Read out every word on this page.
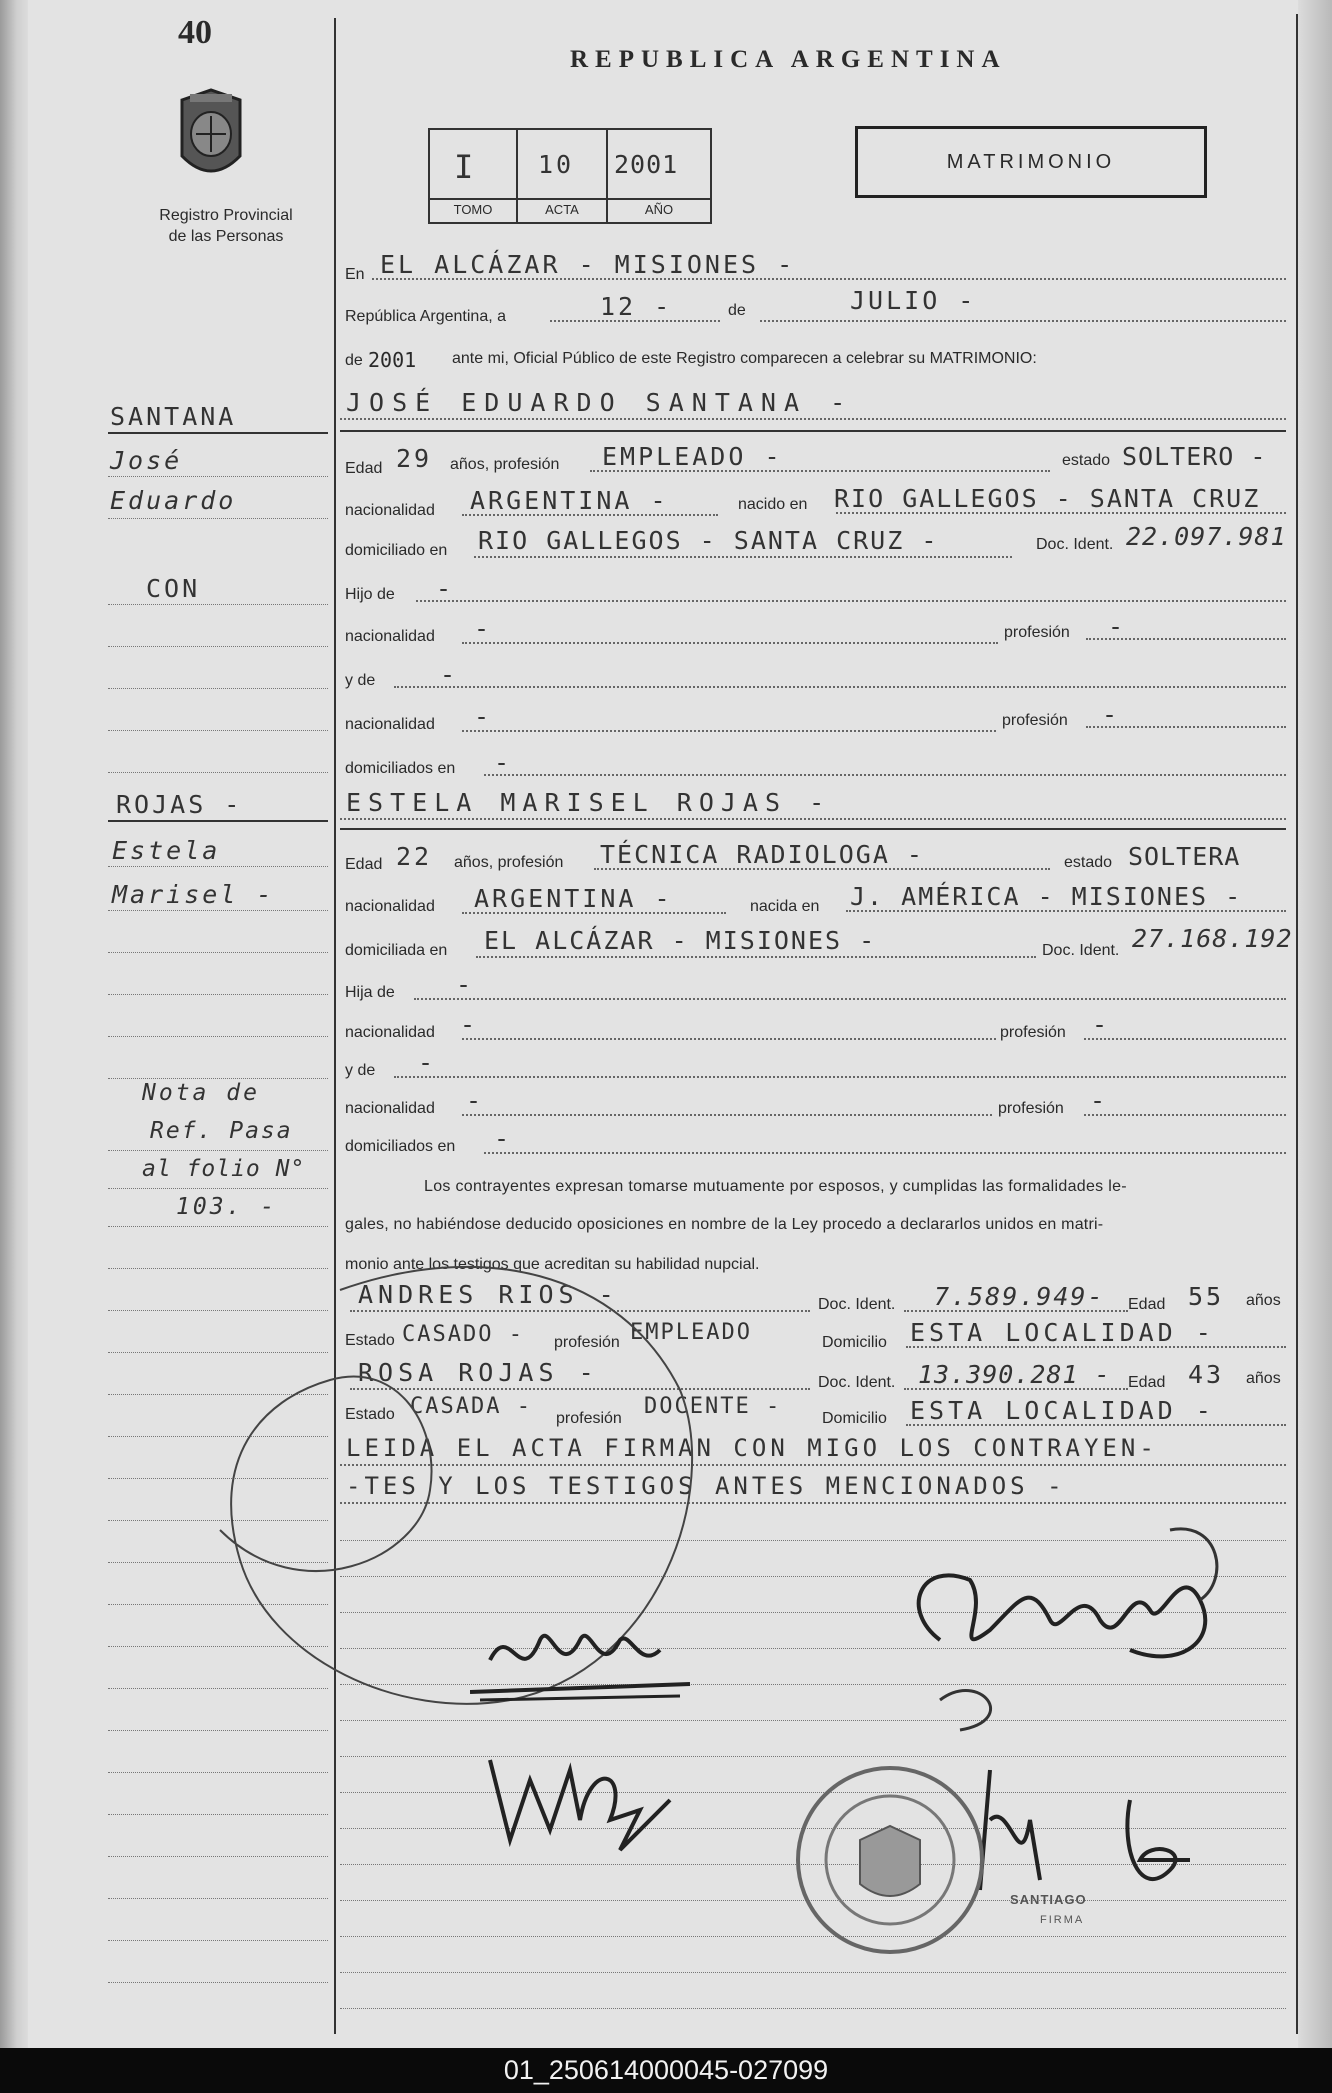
40
Registro Provincial
de las Personas
REPUBLICA ARGENTINA
I 10 2001
TOMO	ACTA	AÑO
MATRIMONIO
En EL ALCÁZAR - MISIONES -
República Argentina, a	12 -	de	JULIO -
de 2001 ante mi, Oficial Público de este Registro comparecen a celebrar su MATRIMONIO:
JOSÉ EDUARDO SANTANA -
Edad 29 años, profesión EMPLEADO -	estado SOLTERO -
nacionalidad ARGENTINA -	nacido en RIO GALLEGOS - SANTA CRUZ
domiciliado en RIO GALLEGOS - SANTA CRUZ -	Doc. Ident. 22.097.981
Hijo de -
nacionalidad -	profesión -
y de	-
nacionalidad -	profesión -
domiciliados en -
ESTELA MARISEL ROJAS -
Edad 22 años, profesión TÉCNICA RADIOLOGA -	estado SOLTERA
nacionalidad ARGENTINA -	nacida en J. AMÉRICA - MISIONES -
domiciliada en EL ALCÁZAR - MISIONES -	Doc. Ident. 27.168.192
Hija de -
nacionalidad -	profesión -
y de -
nacionalidad -	profesión -
domiciliados en -
Los contrayentes expresan tomarse mutuamente por esposos, y cumplidas las formalidades le-
gales, no habiéndose deducido oposiciones en nombre de la Ley procedo a declararlos unidos en matri-
monio ante los testigos que acreditan su habilidad nupcial.
ANDRES RIOS -	Doc. Ident. 7.589.949- Edad 55 años
Estado CASADO - profesión EMPLEADO	Domicilio ESTA LOCALIDAD -
ROSA ROJAS -	Doc. Ident. 13.390.281 - Edad 43 años
Estado CASADA - profesión DOCENTE -	Domicilio ESTA LOCALIDAD -
LEIDA EL ACTA FIRMAN CON MIGO LOS CONTRAYEN-
-TES Y LOS TESTIGOS ANTES MENCIONADOS -
SANTANA
José
Eduardo
CON
ROJAS -
Estela
Marisel -
Nota de
Ref. Pasa
al folio N°
103. -
SANTIAGO
FIRMA
01_250614000045-027099
